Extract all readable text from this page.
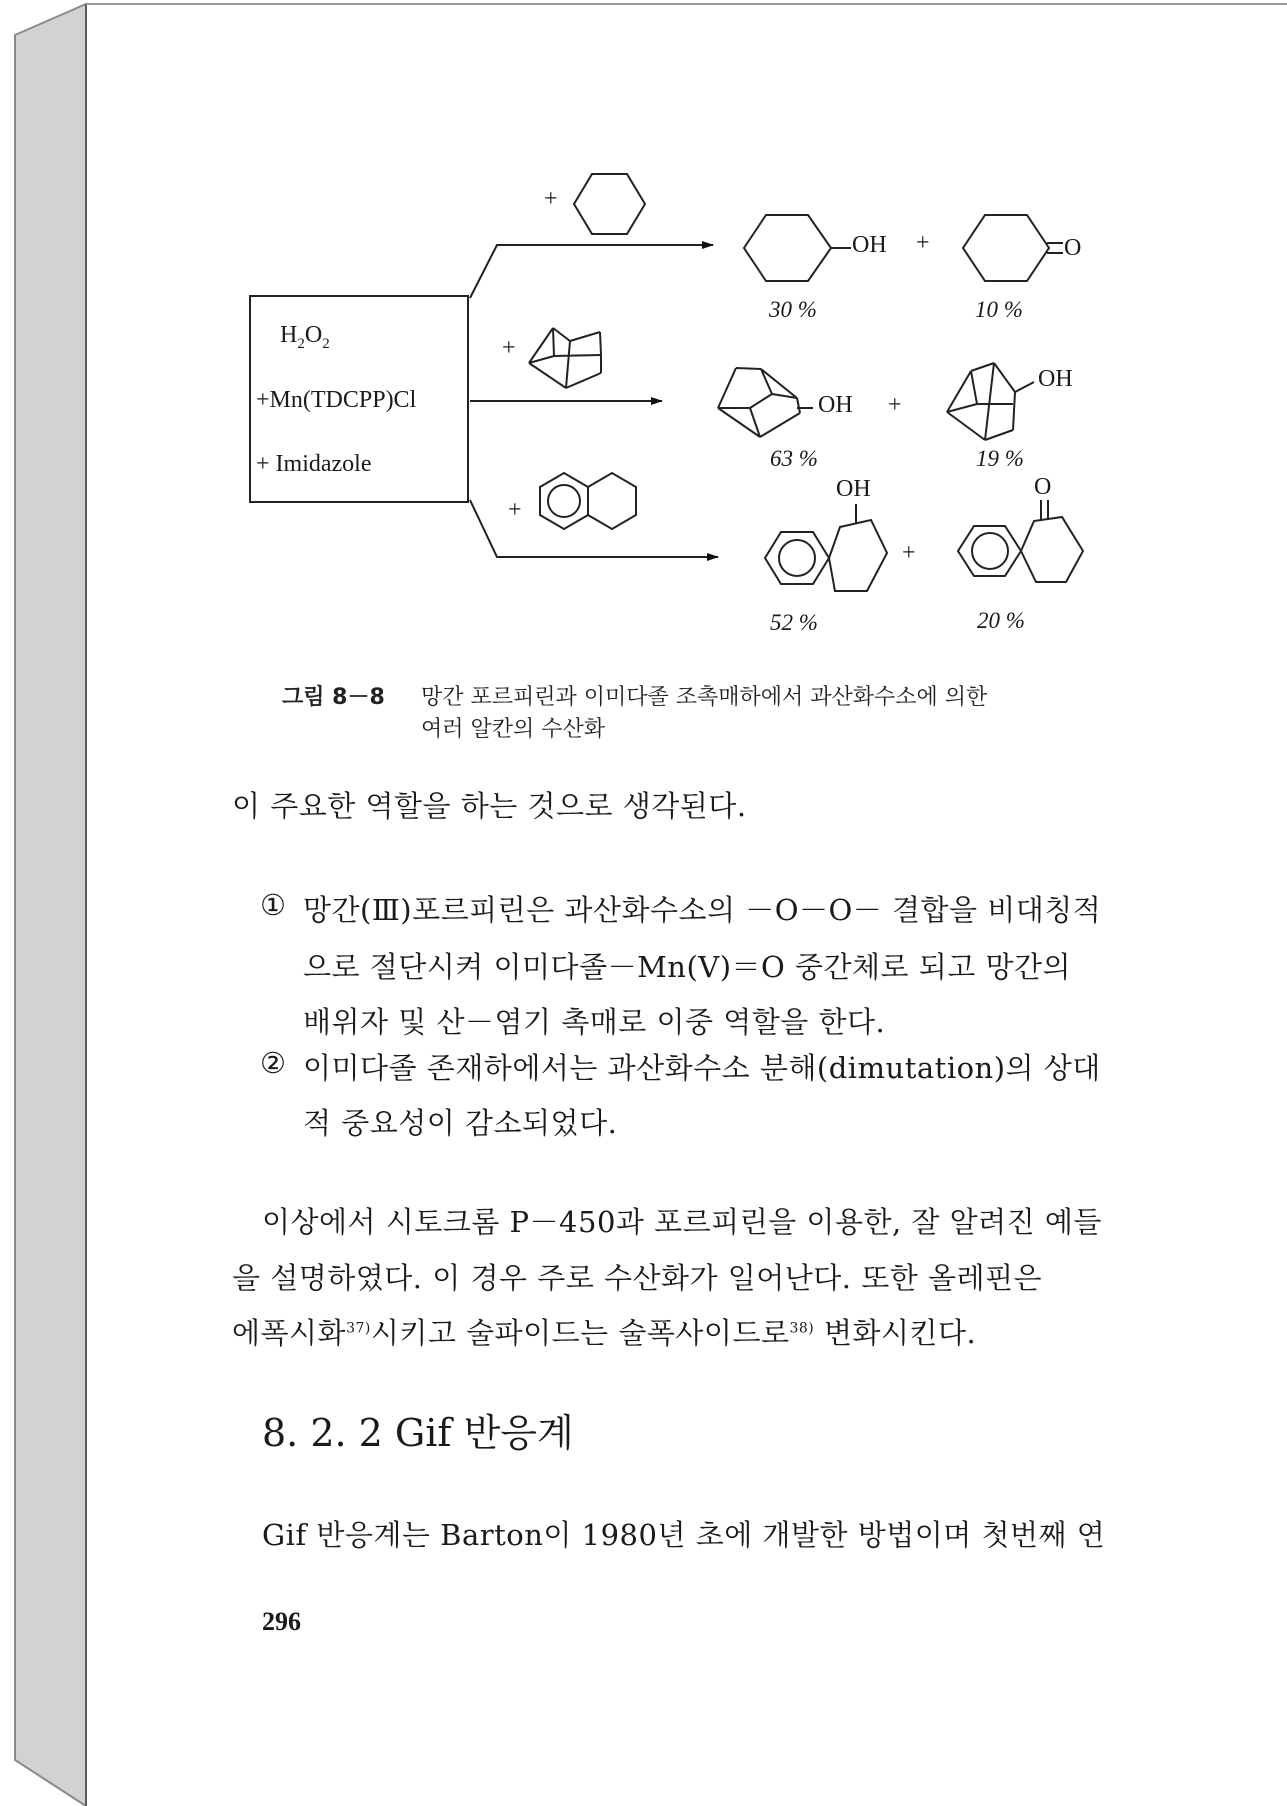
$H_2O_2$
+Mn(TDCPP)Cl
+ Imidazole
+
+
+
+
+
+
OH	O
OH
OH
OH	O
30 %	10 %
63 %	19 %
52 %	20 %
그림 8－8 망간 포르피린과 이미다졸 조촉매하에서 과산화수소에 의한
여러 알칸의 수산화
이 주요한 역할을 하는 것으로 생각된다.
① 망간(Ⅲ)포르피린은 과산화수소의 －O－O－ 결합을 비대칭적
으로 절단시켜 이미다졸－Mn(V)＝O 중간체로 되고 망간의
배위자 및 산－염기 촉매로 이중 역할을 한다.
② 이미다졸 존재하에서는 과산화수소 분해(dimutation)의 상대
적 중요성이 감소되었다.
이상에서 시토크롬 P－450과 포르피린을 이용한, 잘 알려진 예들
을 설명하였다. 이 경우 주로 수산화가 일어난다. 또한 올레핀은
에폭시화$^{37)}$시키고 술파이드는 술폭사이드로$^{38)}$ 변화시킨다.
8. 2. 2 Gif 반응계
Gif 반응계는 Barton이 1980년 초에 개발한 방법이며 첫번째 연
296
